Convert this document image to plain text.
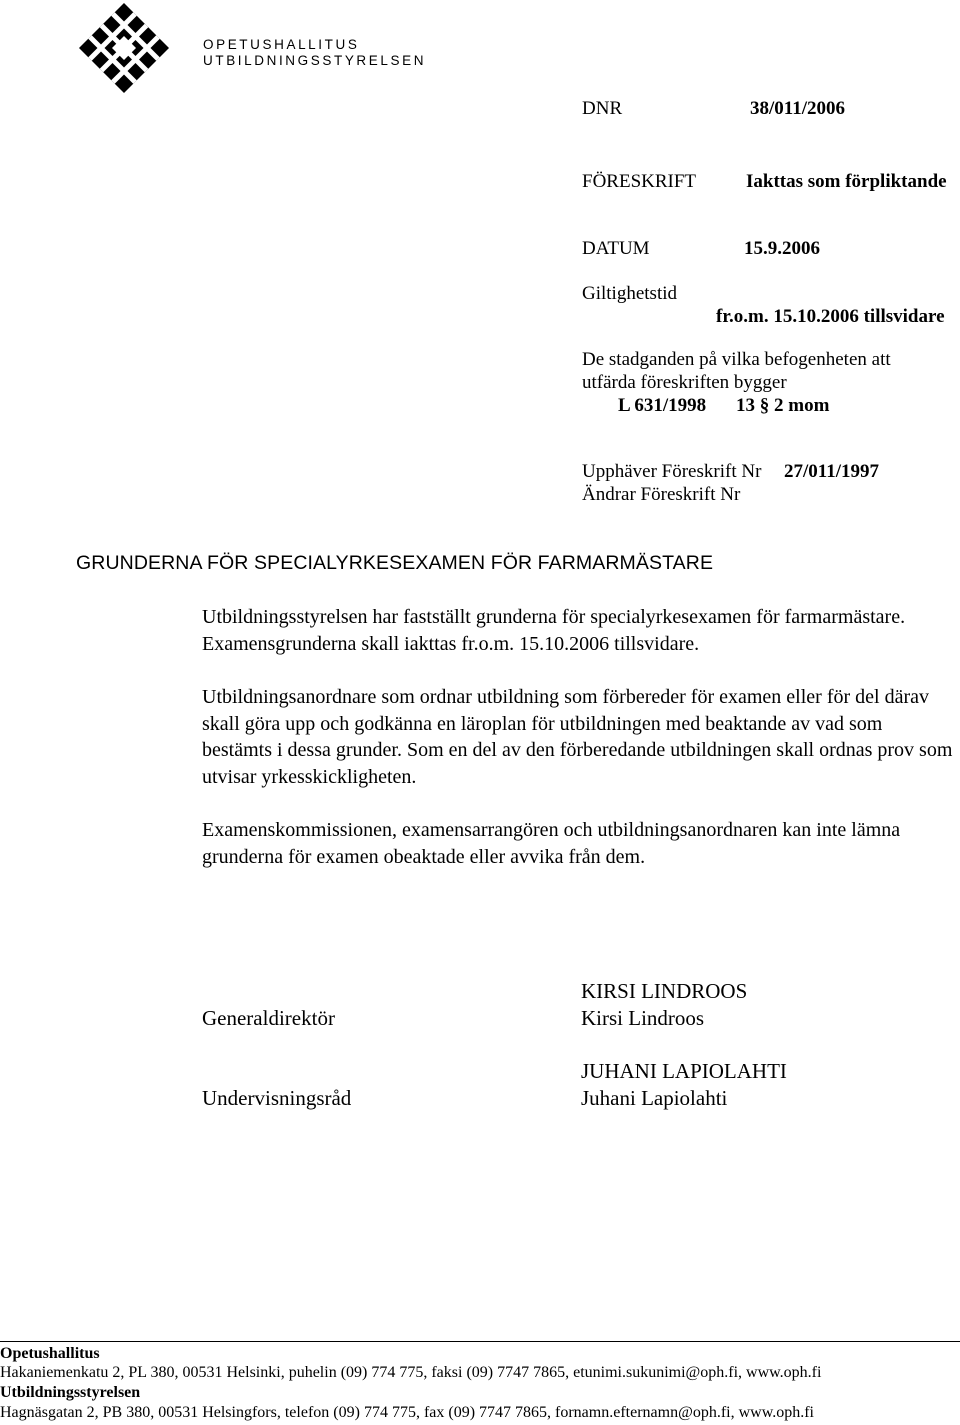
OPETUSHALLITUS
UTBILDNINGSSTYRELSEN
DNR	38/011/2006
FÖRESKRIFT	Iakttas som förpliktande
DATUM	15.9.2006
Giltighetstid
fr.o.m. 15.10.2006 tillsvidare
De stadganden på vilka befogenheten att
utfärda föreskriften bygger
L 631/1998 13 § 2 mom
Upphäver Föreskrift Nr 27/011/1997
Ändrar Föreskrift Nr
GRUNDERNA FÖR SPECIALYRKESEXAMEN FÖR FARMARMÄSTARE

Utbildningsstyrelsen har fastställt grunderna för specialyrkesexamen för farmarmästare. Examensgrunderna skall iakttas fr.o.m. 15.10.2006 tillsvidare.

Utbildningsanordnare som ordnar utbildning som förbereder för examen eller för del därav skall göra upp och godkänna en läroplan för utbildningen med beaktande av vad som bestämts i dessa grunder. Som en del av den förberedande utbildningen skall ordnas prov som utvisar yrkesskickligheten.

Examenskommissionen, examensarrangören och utbildningsanordnaren kan inte lämna grunderna för examen obeaktade eller avvika från dem.

Generaldirektör
KIRSI LINDROOS
Kirsi Lindroos
Undervisningsråd
JUHANI LAPIOLAHTI
Juhani Lapiolahti
Opetushallitus
Hakaniemenkatu 2, PL 380, 00531 Helsinki, puhelin (09) 774 775, faksi (09) 7747 7865, etunimi.sukunimi@oph.fi, www.oph.fi
Utbildningsstyrelsen
Hagnäsgatan 2, PB 380, 00531 Helsingfors, telefon (09) 774 775, fax (09) 7747 7865, fornamn.efternamn@oph.fi, www.oph.fi
